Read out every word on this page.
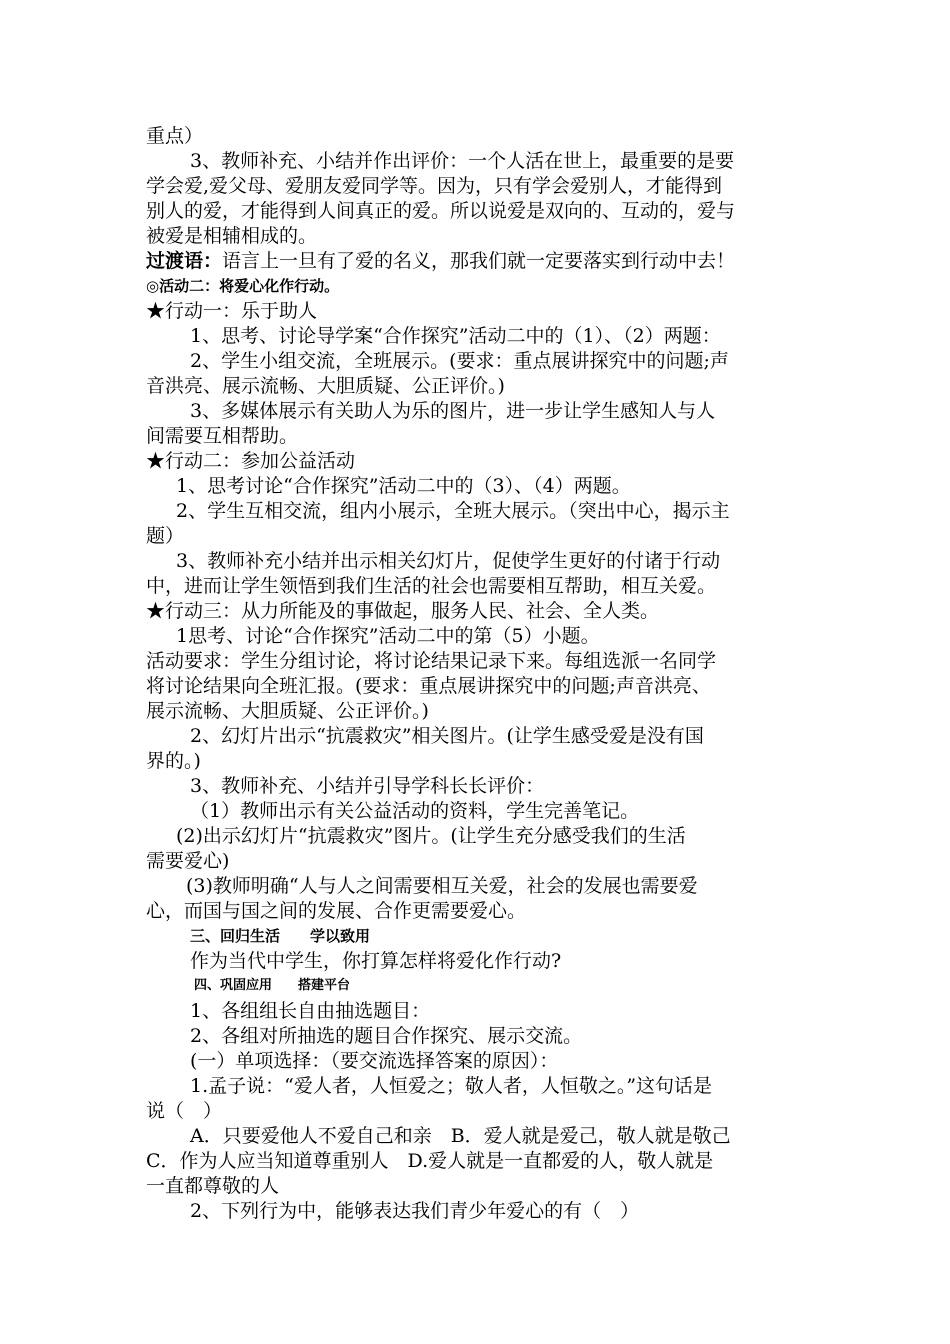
重点）
3、教师补充、小结并作出评价：一个人活在世上，最重要的是要
学会爱,爱父母、爱朋友爱同学等。因为，只有学会爱别人，才能得到
别人的爱，才能得到人间真正的爱。所以说爱是双向的、互动的，爱与
被爱是相辅相成的。
过渡语：语言上一旦有了爱的名义，那我们就一定要落实到行动中去！
◎活动二：将爱心化作行动。
★行动一：乐于助人
1、思考、讨论导学案“合作探究”活动二中的（1）、（2）两题：
2、学生小组交流，全班展示。(要求：重点展讲探究中的问题;声
音洪亮、展示流畅、大胆质疑、公正评价。)
3、多媒体展示有关助人为乐的图片，进一步让学生感知人与人
间需要互相帮助。
★行动二：参加公益活动
1、思考讨论“合作探究”活动二中的（3）、（4）两题。
2、学生互相交流，组内小展示，全班大展示。（突出中心，揭示主
题）
3、教师补充小结并出示相关幻灯片，促使学生更好的付诸于行动
中，进而让学生领悟到我们生活的社会也需要相互帮助，相互关爱。
★行动三：从力所能及的事做起，服务人民、社会、全人类。
1思考、讨论“合作探究”活动二中的第（5）小题。
活动要求：学生分组讨论，将讨论结果记录下来。每组选派一名同学
将讨论结果向全班汇报。(要求：重点展讲探究中的问题;声音洪亮、
展示流畅、大胆质疑、公正评价。)
2、幻灯片出示“抗震救灾”相关图片。(让学生感受爱是没有国
界的。)
3、教师补充、小结并引导学科长长评价：
（1）教师出示有关公益活动的资料，学生完善笔记。
(2)出示幻灯片“抗震救灾”图片。(让学生充分感受我们的生活
需要爱心)
(3)教师明确“人与人之间需要相互关爱，社会的发展也需要爱
心，而国与国之间的发展、合作更需要爱心。
三、回归生活　　学以致用
作为当代中学生，你打算怎样将爱化作行动?
四、巩固应用　　搭建平台
1、各组组长自由抽选题目：
2、各组对所抽选的题目合作探究、展示交流。
(一）单项选择：（要交流选择答案的原因）：
1.孟子说：“爱人者，人恒爱之；敬人者，人恒敬之。”这句话是
说（　）
A．只要爱他人不爱自己和亲　B．爱人就是爱己，敬人就是敬己
C．作为人应当知道尊重别人　D.爱人就是一直都爱的人，敬人就是
一直都尊敬的人
2、下列行为中，能够表达我们青少年爱心的有（　）
